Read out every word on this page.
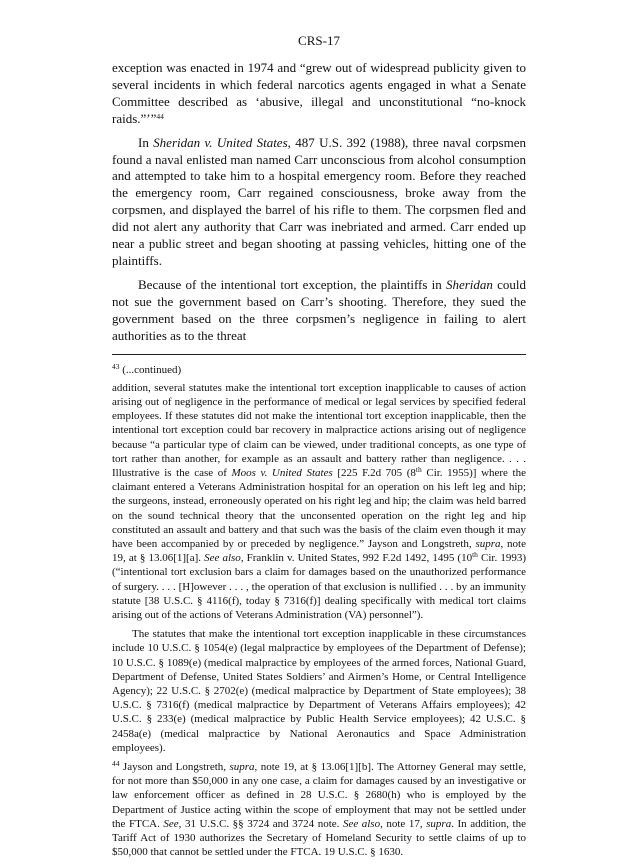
CRS-17

exception was enacted in 1974 and “grew out of widespread publicity given to several incidents in which federal narcotics agents engaged in what a Senate Committee described as ‘abusive, illegal and unconstitutional “no-knock raids.”’”$^{44}$

In Sheridan v. United States, 487 U.S. 392 (1988), three naval corpsmen found a naval enlisted man named Carr unconscious from alcohol consumption and attempted to take him to a hospital emergency room. Before they reached the emergency room, Carr regained consciousness, broke away from the corpsmen, and displayed the barrel of his rifle to them. The corpsmen fled and did not alert any authority that Carr was inebriated and armed. Carr ended up near a public street and began shooting at passing vehicles, hitting one of the plaintiffs.

Because of the intentional tort exception, the plaintiffs in Sheridan could not sue the government based on Carr’s shooting. Therefore, they sued the government based on the three corpsmen’s negligence in failing to alert authorities as to the threat

$^{43}$ (...continued)

addition, several statutes make the intentional tort exception inapplicable to causes of action arising out of negligence in the performance of medical or legal services by specified federal employees. If these statutes did not make the intentional tort exception inapplicable, then the intentional tort exception could bar recovery in malpractice actions arising out of negligence because “a particular type of claim can be viewed, under traditional concepts, as one type of tort rather than another, for example as an assault and battery rather than negligence. . . . Illustrative is the case of Moos v. United States [225 F.2d 705 (8th Cir. 1955)] where the claimant entered a Veterans Administration hospital for an operation on his left leg and hip; the surgeons, instead, erroneously operated on his right leg and hip; the claim was held barred on the sound technical theory that the unconsented operation on the right leg and hip constituted an assault and battery and that such was the basis of the claim even though it may have been accompanied by or preceded by negligence.” Jayson and Longstreth, supra, note 19, at § 13.06[1][a]. See also, Franklin v. United States, 992 F.2d 1492, 1495 (10th Cir. 1993) (“intentional tort exclusion bars a claim for damages based on the unauthorized performance of surgery. . . . [H]owever . . . , the operation of that exclusion is nullified . . . by an immunity statute [38 U.S.C. § 4116(f), today § 7316(f)] dealing specifically with medical tort claims arising out of the actions of Veterans Administration (VA) personnel”).

The statutes that make the intentional tort exception inapplicable in these circumstances include 10 U.S.C. § 1054(e) (legal malpractice by employees of the Department of Defense); 10 U.S.C. § 1089(e) (medical malpractice by employees of the armed forces, National Guard, Department of Defense, United States Soldiers’ and Airmen’s Home, or Central Intelligence Agency); 22 U.S.C. § 2702(e) (medical malpractice by Department of State employees); 38 U.S.C. § 7316(f) (medical malpractice by Department of Veterans Affairs employees); 42 U.S.C. § 233(e) (medical malpractice by Public Health Service employees); 42 U.S.C. § 2458a(e) (medical malpractice by National Aeronautics and Space Administration employees).

$^{44}$ Jayson and Longstreth, supra, note 19, at § 13.06[1][b]. The Attorney General may settle, for not more than $50,000 in any one case, a claim for damages caused by an investigative or law enforcement officer as defined in 28 U.S.C. § 2680(h) who is employed by the Department of Justice acting within the scope of employment that may not be settled under the FTCA. See, 31 U.S.C. §§ 3724 and 3724 note. See also, note 17, supra. In addition, the Tariff Act of 1930 authorizes the Secretary of Homeland Security to settle claims of up to $50,000 that cannot be settled under the FTCA. 19 U.S.C. § 1630.
